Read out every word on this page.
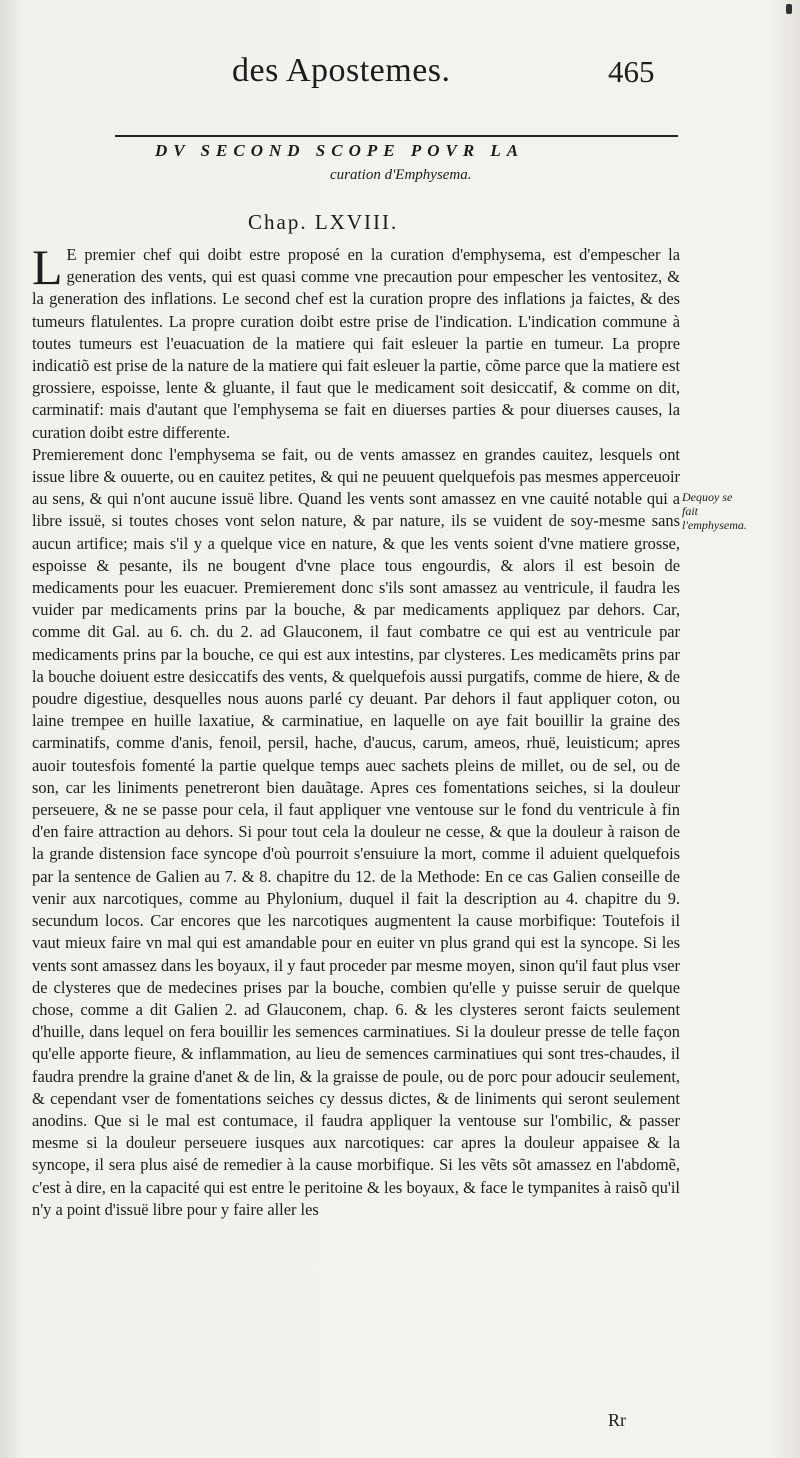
des Apostemes.	465
DV SECOND SCOPE POVR LA
curation d'Emphysema.
Chap. LXVIII.

L E premier chef qui doibt estre proposé en la curation d'emphysema, est d'empescher la generation des vents, qui est quasi comme vne precaution pour empescher les ventositez, & la generation des inflations. Le second chef est la curation propre des inflations ja faictes, & des tumeurs flatulentes. La propre curation doibt estre prise de l'indication. L'indication commune à toutes tumeurs est l'euacuation de la matiere qui fait esleuer la partie en tumeur. La propre indicatiõ est prise de la nature de la matiere qui fait esleuer la partie, cõme parce que la matiere est grossiere, espoisse, lente & gluante, il faut que le medicament soit desiccatif, & comme on dit, carminatif: mais d'autant que l'emphysema se fait en diuerses parties & pour diuerses causes, la curation doibt estre differente.

Premierement donc l'emphysema se fait, ou de vents amassez en grandes cauitez, lesquels ont issue libre & ouuerte, ou en cauitez petites, & qui ne peuuent quelquefois pas mesmes apperceuoir au sens, & qui n'ont aucune issuë libre. Quand les vents sont amassez en vne cauité notable qui a libre issuë, si toutes choses vont selon nature, & par nature, ils se vuident de soy-mesme sans aucun artifice; mais s'il y a quelque vice en nature, & que les vents soient d'vne matiere grosse, espoisse & pesante, ils ne bougent d'vne place tous engourdis, & alors il est besoin de medicaments pour les euacuer. Premierement donc s'ils sont amassez au ventricule, il faudra les vuider par medicaments prins par la bouche, & par medicaments appliquez par dehors. Car, comme dit Gal. au 6. ch. du 2. ad Glauconem, il faut combatre ce qui est au ventricule par medicaments prins par la bouche, ce qui est aux intestins, par clysteres. Les medicamẽts prins par la bouche doiuent estre desiccatifs des vents, & quelquefois aussi purgatifs, comme de hiere, & de poudre digestiue, desquelles nous auons parlé cy deuant. Par dehors il faut appliquer coton, ou laine trempee en huille laxatiue, & carminatiue, en laquelle on aye fait bouillir la graine des carminatifs, comme d'anis, fenoil, persil, hache, d'aucus, carum, ameos, rhuë, leuisticum; apres auoir toutesfois fomenté la partie quelque temps auec sachets pleins de millet, ou de sel, ou de son, car les liniments penetreront bien dauãtage. Apres ces fomentations seiches, si la douleur perseuere, & ne se passe pour cela, il faut appliquer vne ventouse sur le fond du ventricule à fin d'en faire attraction au dehors. Si pour tout cela la douleur ne cesse, & que la douleur à raison de la grande distension face syncope d'où pourroit s'ensuiure la mort, comme il aduient quelquefois par la sentence de Galien au 7. & 8. chapitre du 12. de la Methode: En ce cas Galien conseille de venir aux narcotiques, comme au Phylonium, duquel il fait la description au 4. chapitre du 9. secundum locos. Car encores que les narcotiques augmentent la cause morbifique: Toutefois il vaut mieux faire vn mal qui est amandable pour en euiter vn plus grand qui est la syncope. Si les vents sont amassez dans les boyaux, il y faut proceder par mesme moyen, sinon qu'il faut plus vser de clysteres que de medecines prises par la bouche, combien qu'elle y puisse seruir de quelque chose, comme a dit Galien 2. ad Glauconem, chap. 6. & les clysteres seront faicts seulement d'huille, dans lequel on fera bouillir les semences carminatiues. Si la douleur presse de telle façon qu'elle apporte fieure, & inflammation, au lieu de semences carminatiues qui sont tres-chaudes, il faudra prendre la graine d'anet & de lin, & la graisse de poule, ou de porc pour adoucir seulement, & cependant vser de fomentations seiches cy dessus dictes, & de liniments qui seront seulement anodins. Que si le mal est contumace, il faudra appliquer la ventouse sur l'ombilic, & passer mesme si la douleur perseuere iusques aux narcotiques: car apres la douleur appaisee & la syncope, il sera plus aisé de remedier à la cause morbifique. Si les vẽts sõt amassez en l'abdomẽ, c'est à dire, en la capacité qui est entre le peritoine & les boyaux, & face le tympanites à raisõ qu'il n'y a point d'issuë libre pour y faire aller les

Dequoy se fait l'emphysema.
Rr
